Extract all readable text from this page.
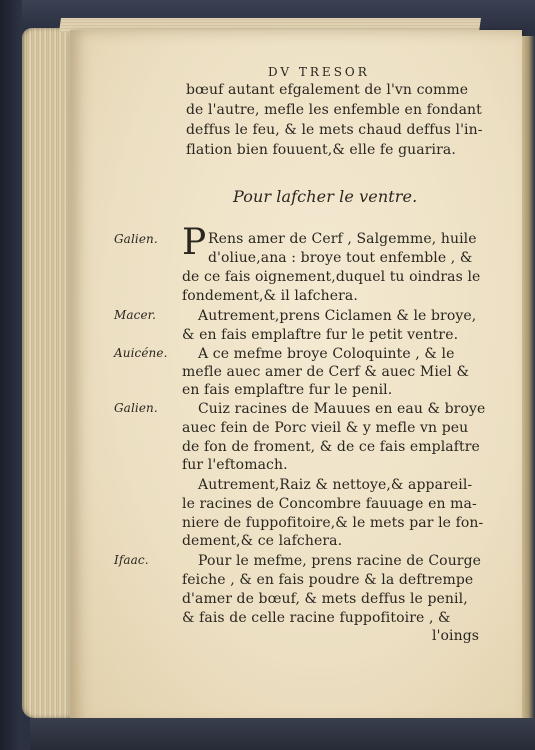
DV TRESOR
bœuf autant efgalement de l'vn comme
de l'autre, mefle les enfemble en fondant
deffus le feu, & le mets chaud deffus l'in-
flation bien fouuent,& elle fe guarira.
Pour lafcher le ventre.
Galien.
Macer.
Auicéne.
Galien.
Ifaac.
P Rens amer de Cerf , Salgemme, huile
d'oliue,ana : broye tout enfemble , &
de ce fais oignement,duquel tu oindras le
fondement,& il lafchera.
Autrement,prens Ciclamen & le broye,
& en fais emplaftre fur le petit ventre.
A ce mefme broye Coloquinte , & le
mefle auec amer de Cerf & auec Miel &
en fais emplaftre fur le penil.
Cuiz racines de Mauues en eau & broye
auec fein de Porc vieil & y mefle vn peu
de fon de froment, & de ce fais emplaftre
fur l'eftomach.
Autrement,Raiz & nettoye,& appareil-
le racines de Concombre fauuage en ma-
niere de fuppofitoire,& le mets par le fon-
dement,& ce lafchera.
Pour le mefme, prens racine de Courge
feiche , & en fais poudre & la deftrempe
d'amer de bœuf, & mets deffus le penil,
& fais de celle racine fuppofitoire , &
l'oings
